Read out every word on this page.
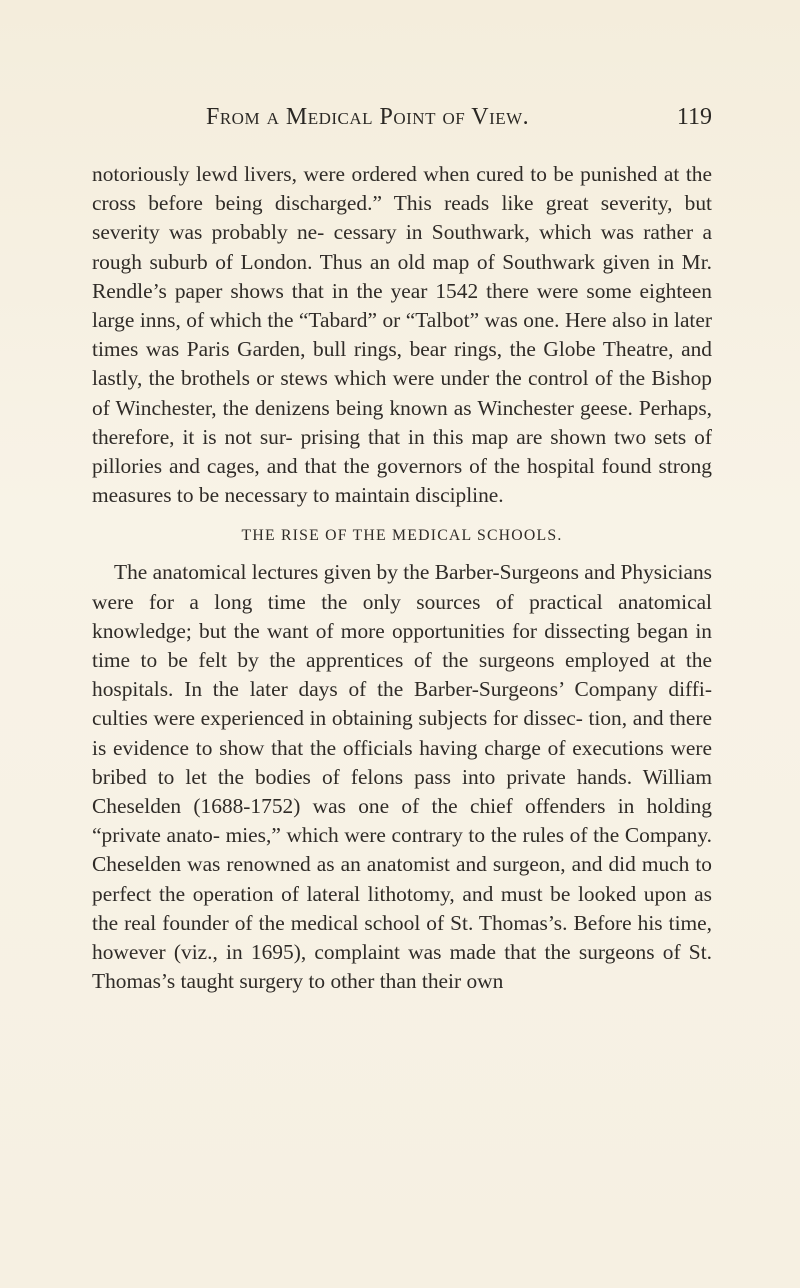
From a Medical Point of View.	119

notoriously lewd livers, were ordered when cured to be punished at the cross before being discharged.” This reads like great severity, but severity was probably ne- cessary in Southwark, which was rather a rough suburb of London. Thus an old map of Southwark given in Mr. Rendle’s paper shows that in the year 1542 there were some eighteen large inns, of which the “Tabard” or “Talbot” was one. Here also in later times was Paris Garden, bull rings, bear rings, the Globe Theatre, and lastly, the brothels or stews which were under the control of the Bishop of Winchester, the denizens being known as Winchester geese. Perhaps, therefore, it is not sur- prising that in this map are shown two sets of pillories and cages, and that the governors of the hospital found strong measures to be necessary to maintain discipline.

THE RISE OF THE MEDICAL SCHOOLS.

The anatomical lectures given by the Barber-Surgeons and Physicians were for a long time the only sources of practical anatomical knowledge; but the want of more opportunities for dissecting began in time to be felt by the apprentices of the surgeons employed at the hospitals. In the later days of the Barber-Surgeons’ Company diffi- culties were experienced in obtaining subjects for dissec- tion, and there is evidence to show that the officials having charge of executions were bribed to let the bodies of felons pass into private hands. William Cheselden (1688-1752) was one of the chief offenders in holding “private anato- mies,” which were contrary to the rules of the Company. Cheselden was renowned as an anatomist and surgeon, and did much to perfect the operation of lateral lithotomy, and must be looked upon as the real founder of the medical school of St. Thomas’s. Before his time, however (viz., in 1695), complaint was made that the surgeons of St. Thomas’s taught surgery to other than their own
